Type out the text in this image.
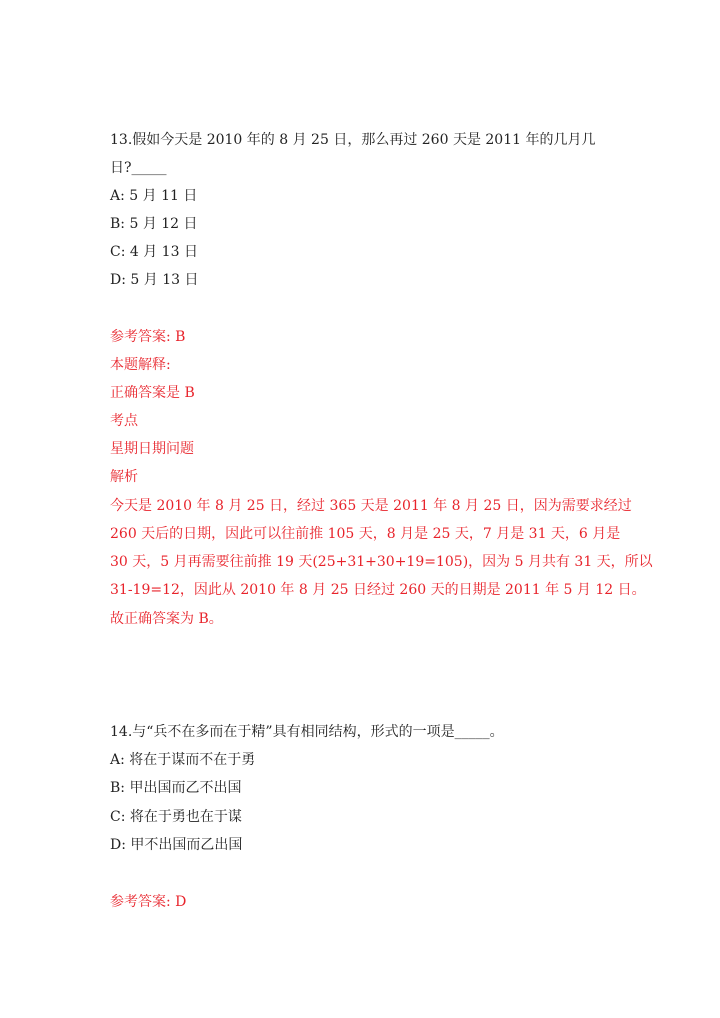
13.假如今天是 2010 年的 8 月 25 日，那么再过 260 天是 2011 年的几月几
日?_____
A: 5 月 11 日
B: 5 月 12 日
C: 4 月 13 日
D: 5 月 13 日
参考答案: B
本题解释:
正确答案是 B
考点
星期日期问题
解析
今天是 2010 年 8 月 25 日，经过 365 天是 2011 年 8 月 25 日，因为需要求经过
260 天后的日期，因此可以往前推 105 天，8 月是 25 天，7 月是 31 天，6 月是
30 天，5 月再需要往前推 19 天(25+31+30+19=105)，因为 5 月共有 31 天，所以
31-19=12，因此从 2010 年 8 月 25 日经过 260 天的日期是 2011 年 5 月 12 日。
故正确答案为 B。
14.与“兵不在多而在于精”具有相同结构，形式的一项是_____。
A: 将在于谋而不在于勇
B: 甲出国而乙不出国
C: 将在于勇也在于谋
D: 甲不出国而乙出国
参考答案: D
